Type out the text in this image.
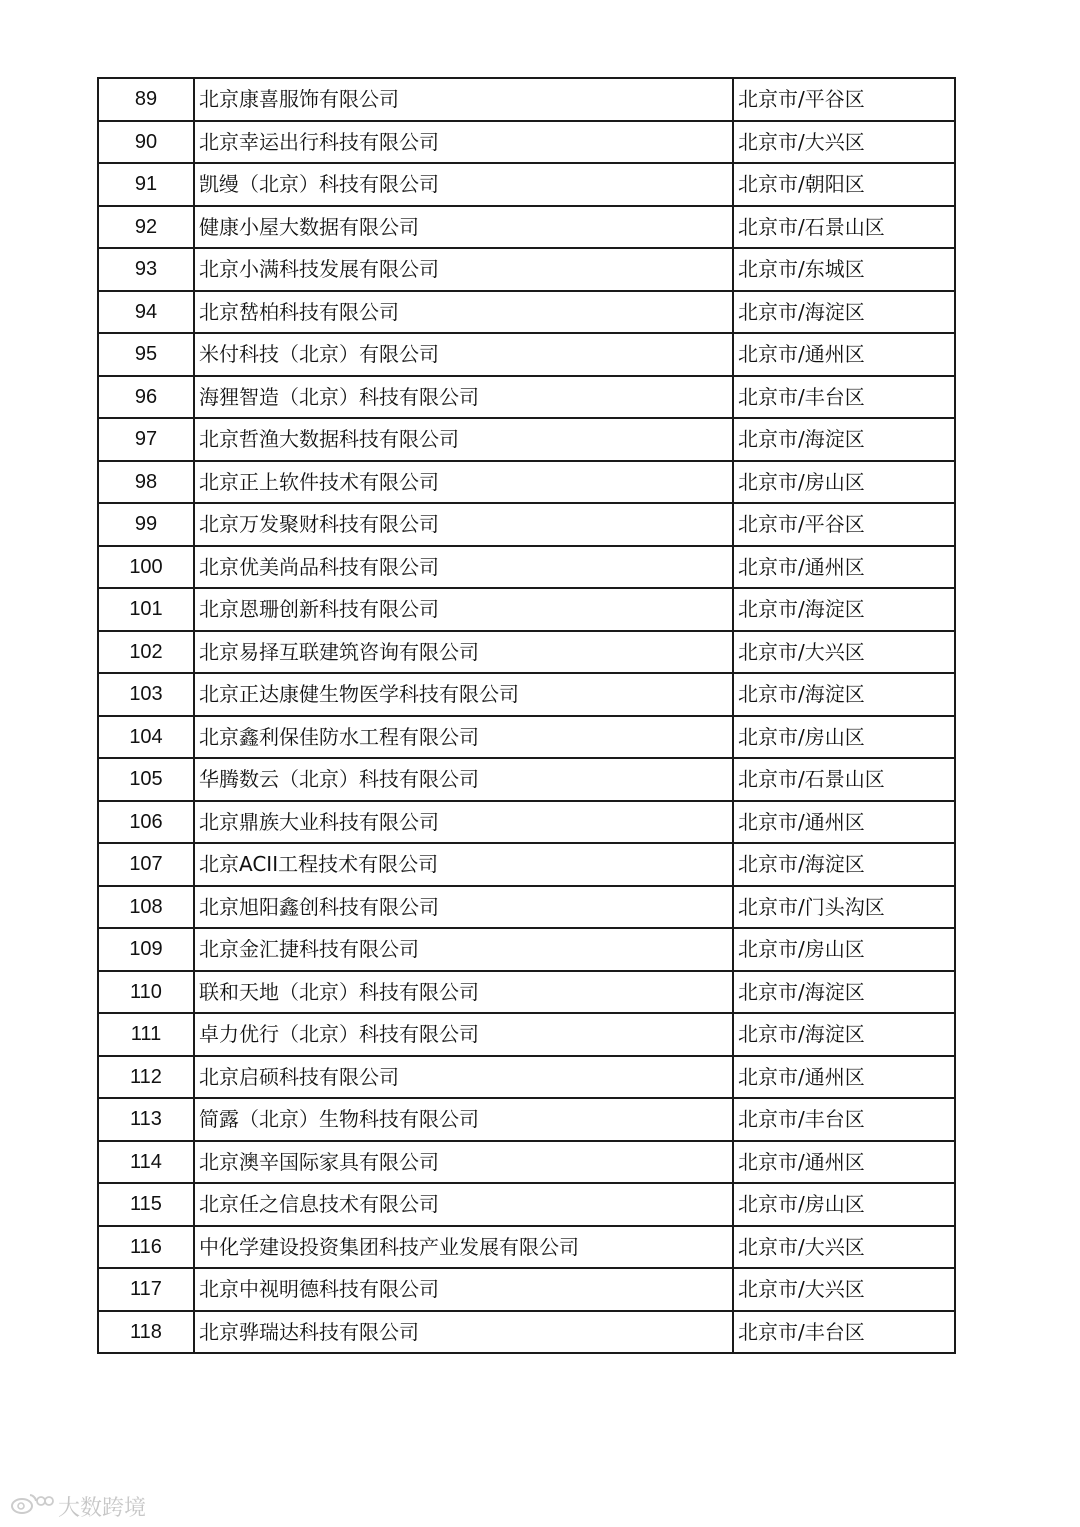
89	北京康喜服饰有限公司	北京市/平谷区
90	北京幸运出行科技有限公司	北京市/大兴区
91	凯缦（北京）科技有限公司	北京市/朝阳区
92	健康小屋大数据有限公司	北京市/石景山区
93	北京小满科技发展有限公司	北京市/东城区
94	北京嵆柏科技有限公司	北京市/海淀区
95	米付科技（北京）有限公司	北京市/通州区
96	海狸智造（北京）科技有限公司	北京市/丰台区
97	北京哲渔大数据科技有限公司	北京市/海淀区
98	北京正上软件技术有限公司	北京市/房山区
99	北京万发聚财科技有限公司	北京市/平谷区
100	北京优美尚品科技有限公司	北京市/通州区
101	北京恩珊创新科技有限公司	北京市/海淀区
102	北京易择互联建筑咨询有限公司	北京市/大兴区
103	北京正达康健生物医学科技有限公司	北京市/海淀区
104	北京鑫利保佳防水工程有限公司	北京市/房山区
105	华腾数云（北京）科技有限公司	北京市/石景山区
106	北京鼎族大业科技有限公司	北京市/通州区
107	北京ACII工程技术有限公司	北京市/海淀区
108	北京旭阳鑫创科技有限公司	北京市/门头沟区
109	北京金汇捷科技有限公司	北京市/房山区
110	联和天地（北京）科技有限公司	北京市/海淀区
111	卓力优行（北京）科技有限公司	北京市/海淀区
112	北京启硕科技有限公司	北京市/通州区
113	简露（北京）生物科技有限公司	北京市/丰台区
114	北京澳辛国际家具有限公司	北京市/通州区
115	北京任之信息技术有限公司	北京市/房山区
116	中化学建设投资集团科技产业发展有限公司	北京市/大兴区
117	北京中视明德科技有限公司	北京市/大兴区
118	北京骅瑞达科技有限公司	北京市/丰台区
大数跨境
